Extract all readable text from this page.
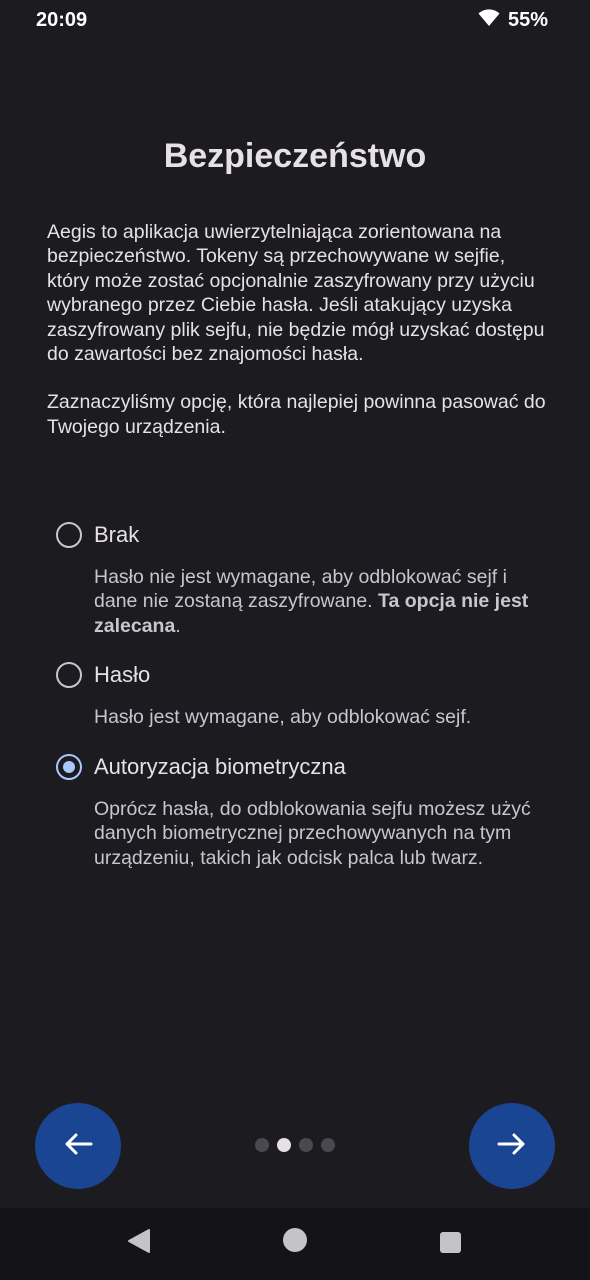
20:09	55%
Bezpieczeństwo

Aegis to aplikacja uwierzytelniająca zorientowana na bezpieczeństwo. Tokeny są przechowywane w sejfie, który może zostać opcjonalnie zaszyfrowany przy użyciu wybranego przez Ciebie hasła. Jeśli atakujący uzyska zaszyfrowany plik sejfu, nie będzie mógł uzyskać dostępu do zawartości bez znajomości hasła.

Zaznaczyliśmy opcję, która najlepiej powinna pasować do Twojego urządzenia.

Brak
Hasło nie jest wymagane, aby odblokować sejf i dane nie zostaną zaszyfrowane. Ta opcja nie jest zalecana.
Hasło
Hasło jest wymagane, aby odblokować sejf.
Autoryzacja biometryczna
Oprócz hasła, do odblokowania sejfu możesz użyć danych biometrycznej przechowywanych na tym urządzeniu, takich jak odcisk palca lub twarz.
